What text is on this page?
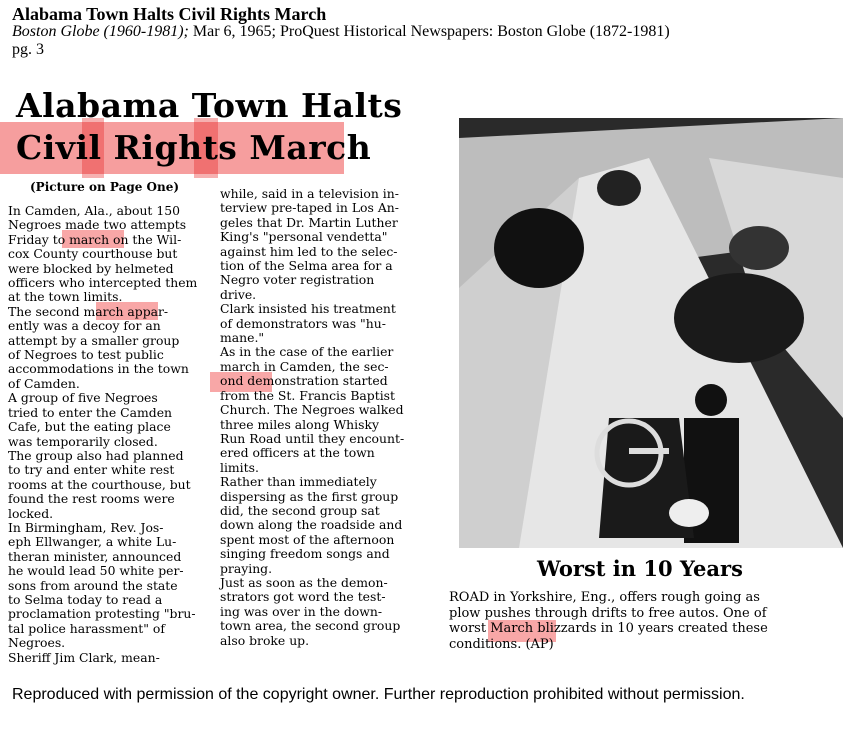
Alabama Town Halts Civil Rights March
Boston Globe (1960-1981); Mar 6, 1965; ProQuest Historical Newspapers: Boston Globe (1872-1981)
pg. 3
Alabama Town Halts
Civil Rights March
(Picture on Page One)
In Camden, Ala., about 150
Negroes made two attempts
Friday to march on the Wil-
cox County courthouse but
were blocked by helmeted
officers who intercepted them
at the town limits.
The second march appar-
ently was a decoy for an
attempt by a smaller group
of Negroes to test public
accommodations in the town
of Camden.
A group of five Negroes
tried to enter the Camden
Cafe, but the eating place
was temporarily closed.
The group also had planned
to try and enter white rest
rooms at the courthouse, but
found the rest rooms were
locked.
In Birmingham, Rev. Jos-
eph Ellwanger, a white Lu-
theran minister, announced
he would lead 50 white per-
sons from around the state
to Selma today to read a
proclamation protesting "bru-
tal police harassment" of
Negroes.
Sheriff Jim Clark, mean-
while, said in a television in-
terview pre-taped in Los An-
geles that Dr. Martin Luther
King's "personal vendetta"
against him led to the selec-
tion of the Selma area for a
Negro voter registration
drive.
Clark insisted his treatment
of demonstrators was "hu-
mane."
As in the case of the earlier
march in Camden, the sec-
ond demonstration started
from the St. Francis Baptist
Church. The Negroes walked
three miles along Whisky
Run Road until they encount-
ered officers at the town
limits.
Rather than immediately
dispersing as the first group
did, the second group sat
down along the roadside and
spent most of the afternoon
singing freedom songs and
praying.
Just as soon as the demon-
strators got word the test-
ing was over in the down-
town area, the second group
also broke up.
Worst in 10 Years
ROAD in Yorkshire, Eng., offers rough going as
plow pushes through drifts to free autos. One of
worst March blizzards in 10 years created these
conditions. (AP)
Reproduced with permission of the copyright owner. Further reproduction prohibited without permission.
